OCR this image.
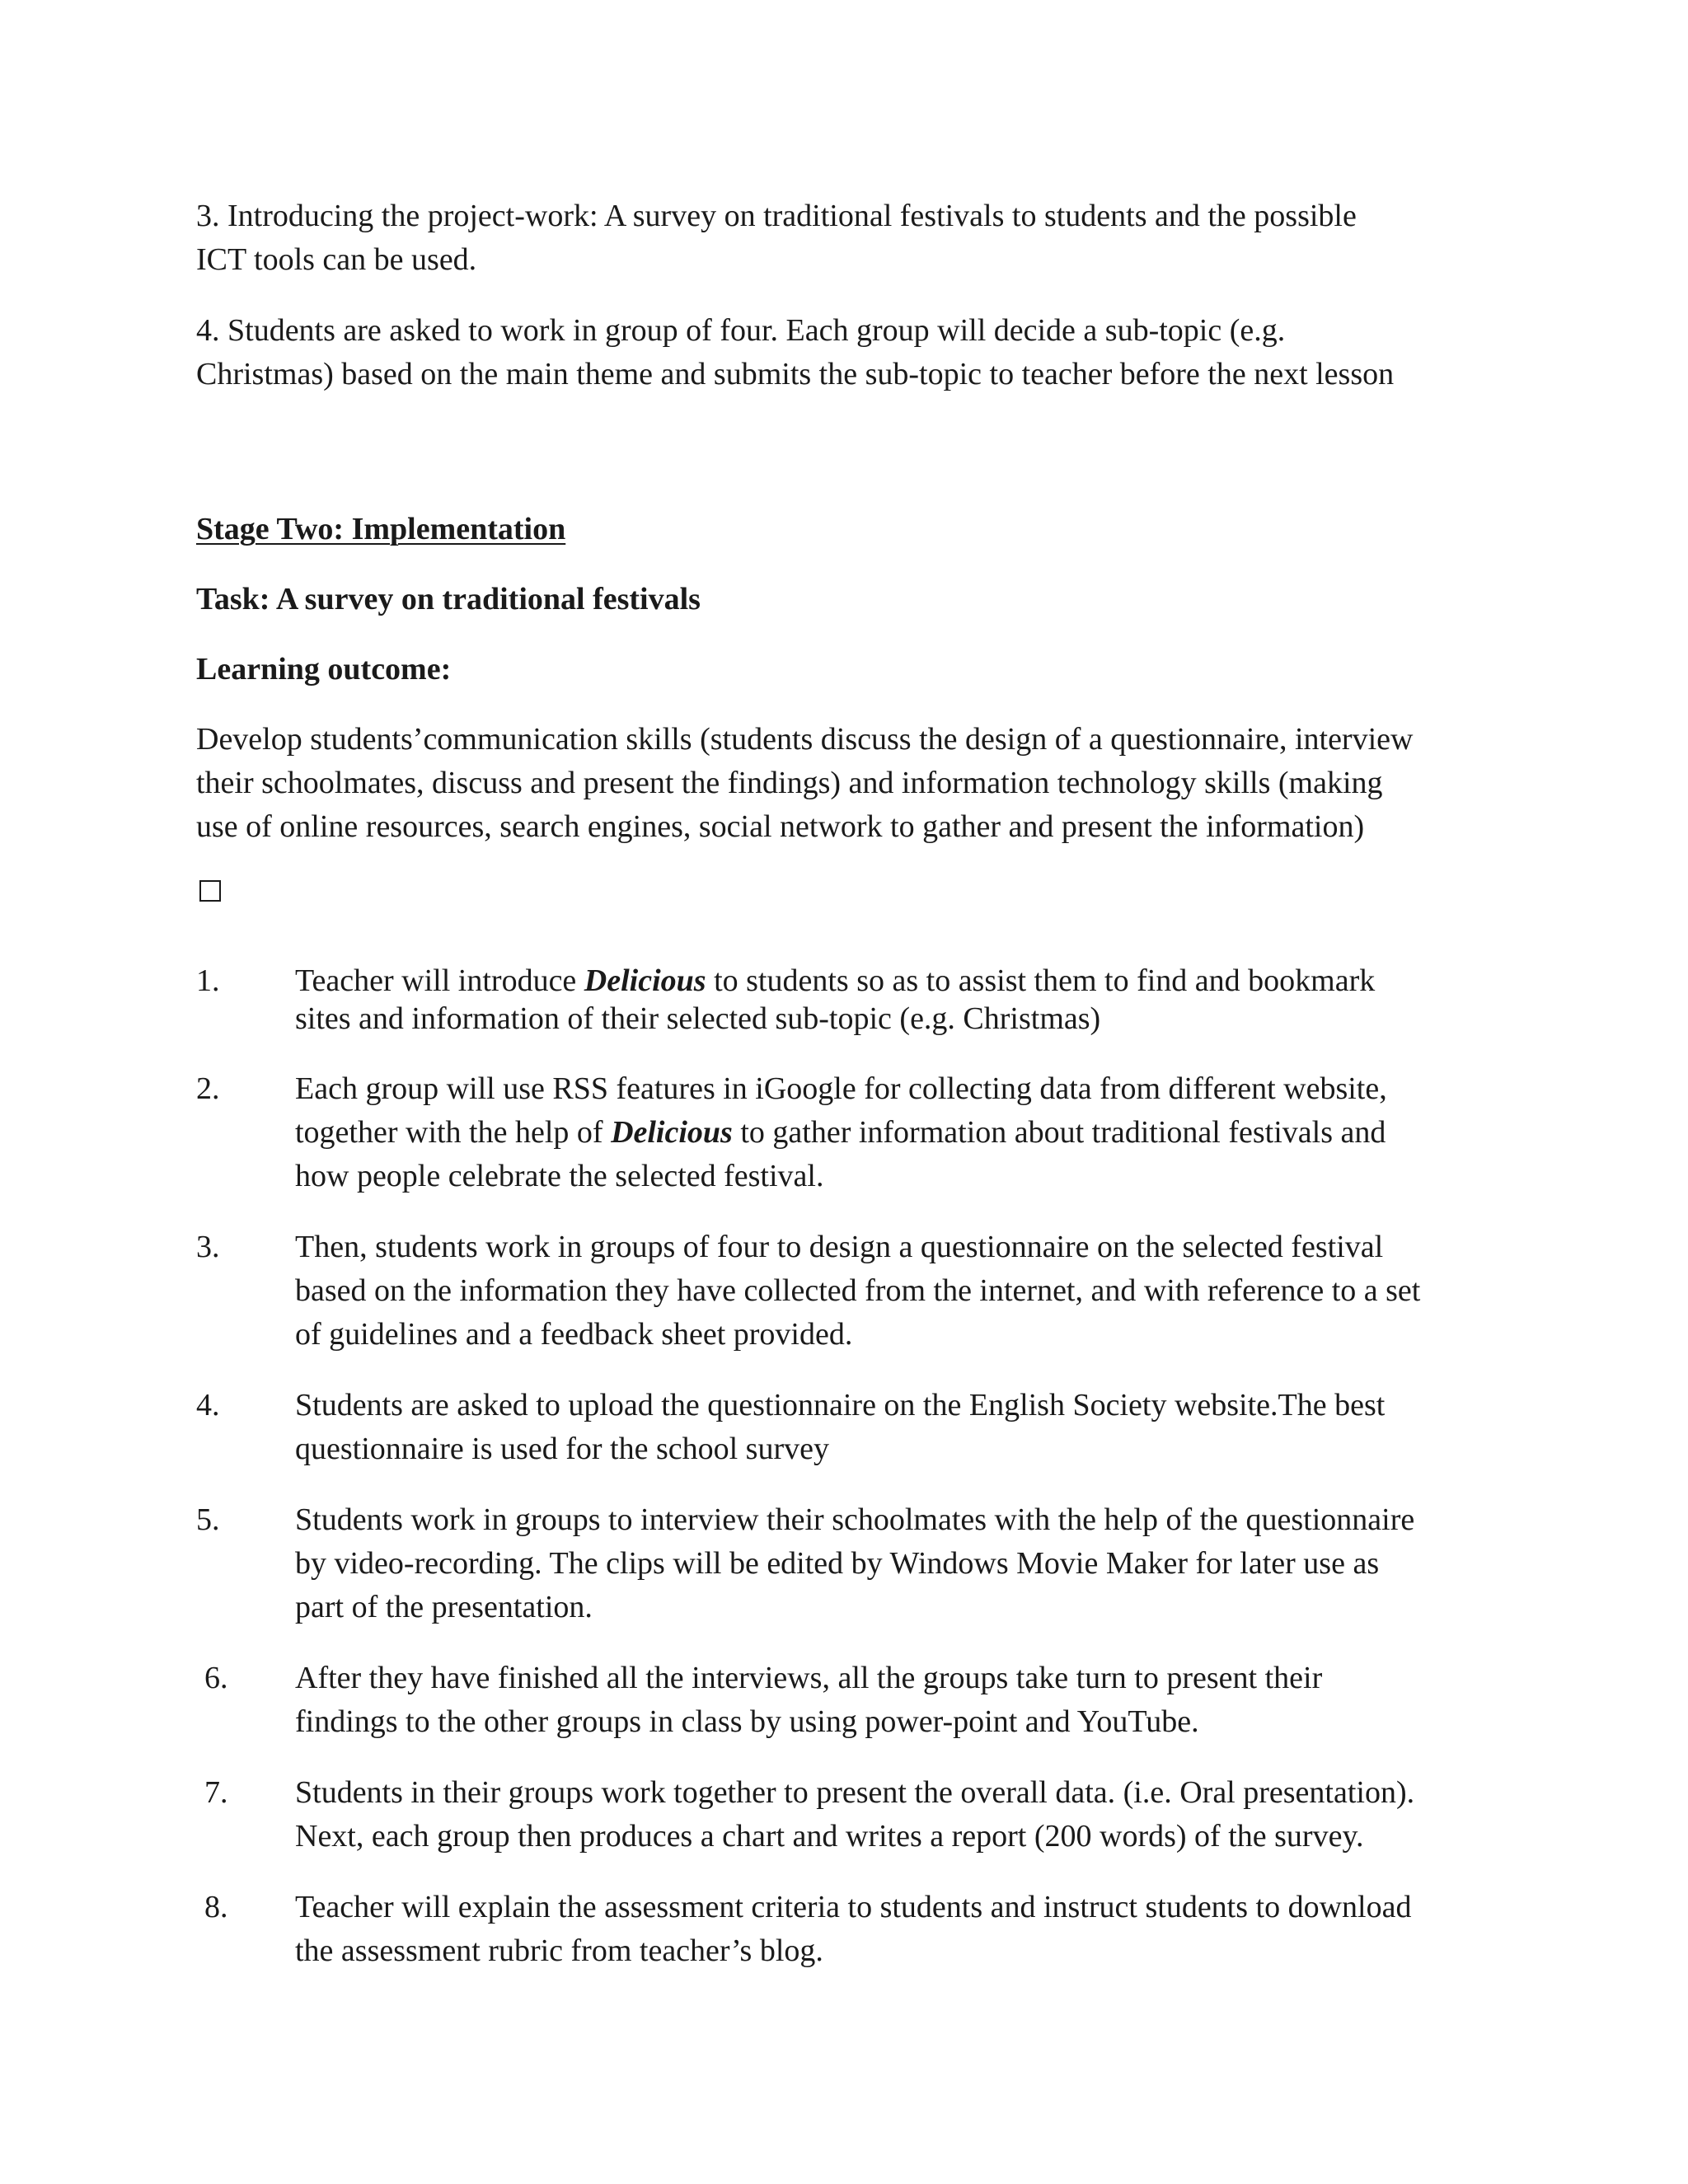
3. Introducing the project-work: A survey on traditional festivals to students and the possible
ICT tools can be used.

4. Students are asked to work in group of four. Each group will decide a sub-topic (e.g.
Christmas) based on the main theme and submits the sub-topic to teacher before the next lesson

Stage Two: Implementation

Task: A survey on traditional festivals

Learning outcome:

Develop students’communication skills (students discuss the design of a questionnaire, interview
their schoolmates, discuss and present the findings) and information technology skills (making
use of online resources, search engines, social network to gather and present the information)

1. Teacher will introduce Delicious to students so as to assist them to find and bookmark
sites and information of their selected sub-topic (e.g. Christmas)
2. Each group will use RSS features in iGoogle for collecting data from different website,
together with the help of Delicious to gather information about traditional festivals and
how people celebrate the selected festival.
3. Then, students work in groups of four to design a questionnaire on the selected festival
based on the information they have collected from the internet, and with reference to a set
of guidelines and a feedback sheet provided.
4. Students are asked to upload the questionnaire on the English Society website.The best
questionnaire is used for the school survey
5. Students work in groups to interview their schoolmates with the help of the questionnaire
by video-recording. The clips will be edited by Windows Movie Maker for later use as
part of the presentation.
6. After they have finished all the interviews, all the groups take turn to present their
findings to the other groups in class by using power-point and YouTube.
7. Students in their groups work together to present the overall data. (i.e. Oral presentation).
Next, each group then produces a chart and writes a report (200 words) of the survey.
8. Teacher will explain the assessment criteria to students and instruct students to download
the assessment rubric from teacher’s blog.
